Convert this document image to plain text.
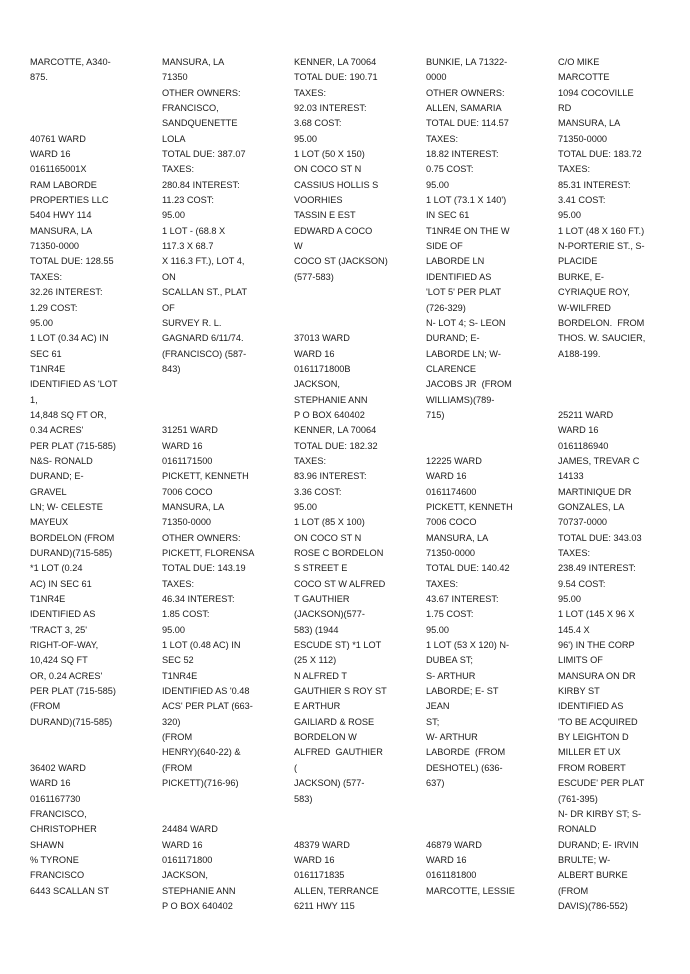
MARCOTTE, A340-
875.
40761 WARD
WARD 16
0161165001X
RAM LABORDE
PROPERTIES LLC
5404 HWY 114
MANSURA, LA
71350-0000
TOTAL DUE: 128.55
TAXES:
32.26 INTEREST:
1.29 COST:
95.00
1 LOT (0.34 AC) IN
SEC 61
T1NR4E
IDENTIFIED AS 'LOT
1,
14,848 SQ FT OR,
0.34 ACRES'
PER PLAT (715-585)
N&S- RONALD
DURAND; E-
GRAVEL
LN; W- CELESTE
MAYEUX
BORDELON (FROM
DURAND)(715-585)
*1 LOT (0.24
AC) IN SEC 61
T1NR4E
IDENTIFIED AS
'TRACT 3, 25'
RIGHT-OF-WAY,
10,424 SQ FT
OR, 0.24 ACRES'
PER PLAT (715-585)
(FROM
DURAND)(715-585)
36402 WARD
WARD 16
0161167730
FRANCISCO,
CHRISTOPHER
SHAWN
% TYRONE
FRANCISCO
6443 SCALLAN ST
MANSURA, LA
71350
OTHER OWNERS:
FRANCISCO,
SANDQUENETTE
LOLA
TOTAL DUE: 387.07
TAXES:
280.84 INTEREST:
11.23 COST:
95.00
1 LOT - (68.8 X
117.3 X 68.7
X 116.3 FT.), LOT 4,
ON
SCALLAN ST., PLAT
OF
SURVEY R. L.
GAGNARD 6/11/74.
(FRANCISCO) (587-
843)
31251 WARD
WARD 16
0161171500
PICKETT, KENNETH
7006 COCO
MANSURA, LA
71350-0000
OTHER OWNERS:
PICKETT, FLORENSA
TOTAL DUE: 143.19
TAXES:
46.34 INTEREST:
1.85 COST:
95.00
1 LOT (0.48 AC) IN
SEC 52
T1NR4E
IDENTIFIED AS '0.48
ACS' PER PLAT (663-
320)
(FROM
HENRY)(640-22) &
(FROM
PICKETT)(716-96)
24484 WARD
WARD 16
0161171800
JACKSON,
STEPHANIE ANN
P O BOX 640402
KENNER, LA 70064
TOTAL DUE: 190.71
TAXES:
92.03 INTEREST:
3.68 COST:
95.00
1 LOT (50 X 150)
ON COCO ST N
CASSIUS HOLLIS S
VOORHIES
TASSIN E EST
EDWARD A COCO
W
COCO ST (JACKSON)
(577-583)
37013 WARD
WARD 16
0161171800B
JACKSON,
STEPHANIE ANN
P O BOX 640402
KENNER, LA 70064
TOTAL DUE: 182.32
TAXES:
83.96 INTEREST:
3.36 COST:
95.00
1 LOT (85 X 100)
ON COCO ST N
ROSE C BORDELON
S STREET E
COCO ST W ALFRED
T GAUTHIER
(JACKSON)(577-
583) (1944
ESCUDE ST) *1 LOT
(25 X 112)
N ALFRED T
GAUTHIER S ROY ST
E ARTHUR
GAILIARD & ROSE
BORDELON W
ALFRED  GAUTHIER
(
JACKSON) (577-
583)
48379 WARD
WARD 16
0161171835
ALLEN, TERRANCE
6211 HWY 115
BUNKIE, LA 71322-
0000
OTHER OWNERS:
ALLEN, SAMARIA
TOTAL DUE: 114.57
TAXES:
18.82 INTEREST:
0.75 COST:
95.00
1 LOT (73.1 X 140')
IN SEC 61
T1NR4E ON THE W
SIDE OF
LABORDE LN
IDENTIFIED AS
'LOT 5' PER PLAT
(726-329)
N- LOT 4; S- LEON
DURAND; E-
LABORDE LN; W-
CLARENCE
JACOBS JR  (FROM
WILLIAMS)(789-
715)
12225 WARD
WARD 16
0161174600
PICKETT, KENNETH
7006 COCO
MANSURA, LA
71350-0000
TOTAL DUE: 140.42
TAXES:
43.67 INTEREST:
1.75 COST:
95.00
1 LOT (53 X 120) N-
DUBEA ST;
S- ARTHUR
LABORDE; E- ST
JEAN
ST;
W- ARTHUR
LABORDE  (FROM
DESHOTEL) (636-
637)
46879 WARD
WARD 16
0161181800
MARCOTTE, LESSIE
C/O MIKE
MARCOTTE
1094 COCOVILLE
RD
MANSURA, LA
71350-0000
TOTAL DUE: 183.72
TAXES:
85.31 INTEREST:
3.41 COST:
95.00
1 LOT (48 X 160 FT.)
N-PORTERIE ST., S-
PLACIDE
BURKE, E-
CYRIAQUE ROY,
W-WILFRED
BORDELON.  FROM
THOS. W. SAUCIER,
A188-199.
25211 WARD
WARD 16
0161186940
JAMES, TREVAR C
14133
MARTINIQUE DR
GONZALES, LA
70737-0000
TOTAL DUE: 343.03
TAXES:
238.49 INTEREST:
9.54 COST:
95.00
1 LOT (145 X 96 X
145.4 X
96') IN THE CORP
LIMITS OF
MANSURA ON DR
KIRBY ST
IDENTIFIED AS
'TO BE ACQUIRED
BY LEIGHTON D
MILLER ET UX
FROM ROBERT
ESCUDE' PER PLAT
(761-395)
N- DR KIRBY ST; S-
RONALD
DURAND; E- IRVIN
BRULTE; W-
ALBERT BURKE
(FROM
DAVIS)(786-552)
